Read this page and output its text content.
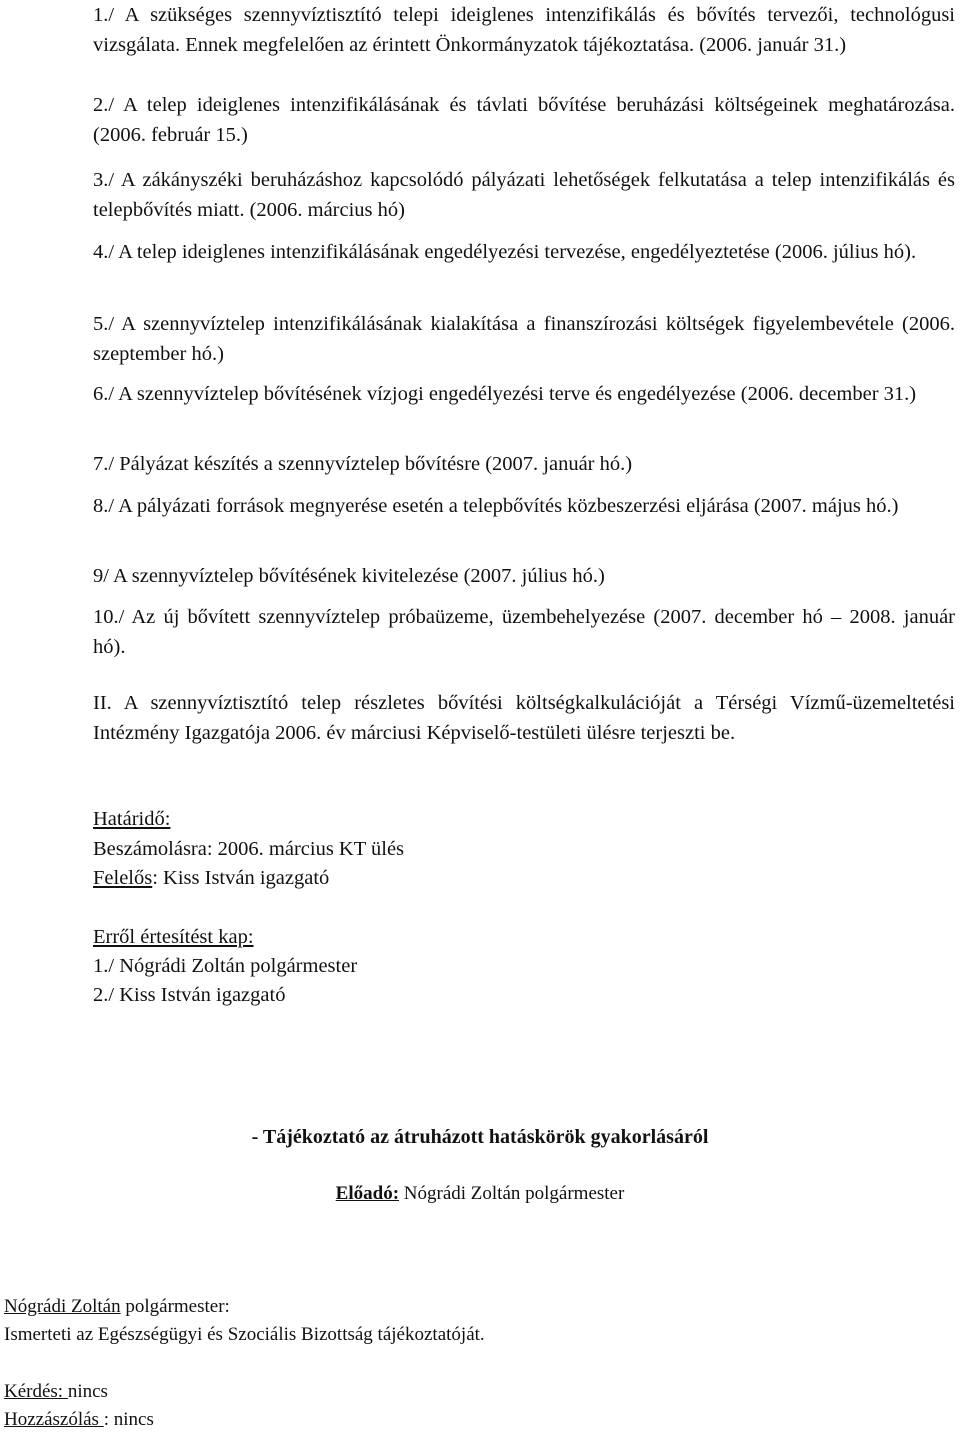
1./ A szükséges szennyvíztisztító telepi ideiglenes intenzifikálás és bővítés tervezői, technológusi vizsgálata. Ennek megfelelően az érintett Önkormányzatok tájékoztatása. (2006. január 31.)
2./ A telep ideiglenes intenzifikálásának és távlati bővítése beruházási költségeinek meghatározása. (2006. február 15.)
3./ A zákányszéki beruházáshoz kapcsolódó pályázati lehetőségek felkutatása a telep intenzifikálás és telepbővítés miatt. (2006. március hó)
4./ A telep ideiglenes intenzifikálásának engedélyezési tervezése, engedélyeztetése (2006. július hó).
5./ A szennyvíztelep intenzifikálásának kialakítása a finanszírozási költségek figyelembevétele (2006. szeptember hó.)
6./ A szennyvíztelep bővítésének vízjogi engedélyezési terve és engedélyezése (2006. december 31.)
7./ Pályázat készítés a szennyvíztelep bővítésre (2007. január hó.)
8./ A pályázati források megnyerése esetén a telepbővítés közbeszerzési eljárása (2007. május hó.)
9/ A szennyvíztelep bővítésének kivitelezése (2007. július hó.)
10./ Az új bővített szennyvíztelep próbaüzeme, üzembehelyezése (2007. december hó – 2008. január hó).
II. A szennyvíztisztító telep részletes bővítési költségkalkulációját a Térségi Vízmű-üzemeltetési Intézmény Igazgatója 2006. év márciusi Képviselő-testületi ülésre terjeszti be.
Határidő:
Beszámolásra: 2006. március KT ülés
Felelős: Kiss István igazgató
Erről értesítést kap:
1./ Nógrádi Zoltán polgármester
2./ Kiss István igazgató
- Tájékoztató az átruházott hatáskörök gyakorlásáról
Előadó: Nógrádi Zoltán polgármester
Nógrádi Zoltán polgármester:
Ismerteti az Egészségügyi és Szociális Bizottság tájékoztatóját.
Kérdés: nincs
Hozzászólás : nincs
